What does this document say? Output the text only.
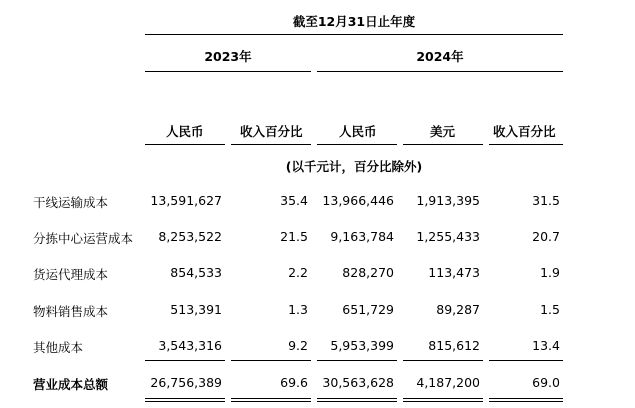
截至12月31日止年度
2023年	2024年
人民币	收入百分比	人民币	美元	收入百分比
(以千元计，百分比除外)
干线运输成本	13,591,627	35.4	13,966,446	1,913,395	31.5
分拣中心运营成本	8,253,522	21.5	9,163,784	1,255,433	20.7
货运代理成本	854,533	2.2	828,270	113,473	1.9
物料销售成本	513,391	1.3	651,729	89,287	1.5
其他成本	3,543,316	9.2	5,953,399	815,612	13.4
营业成本总额	26,756,389	69.6	30,563,628	4,187,200	69.0
